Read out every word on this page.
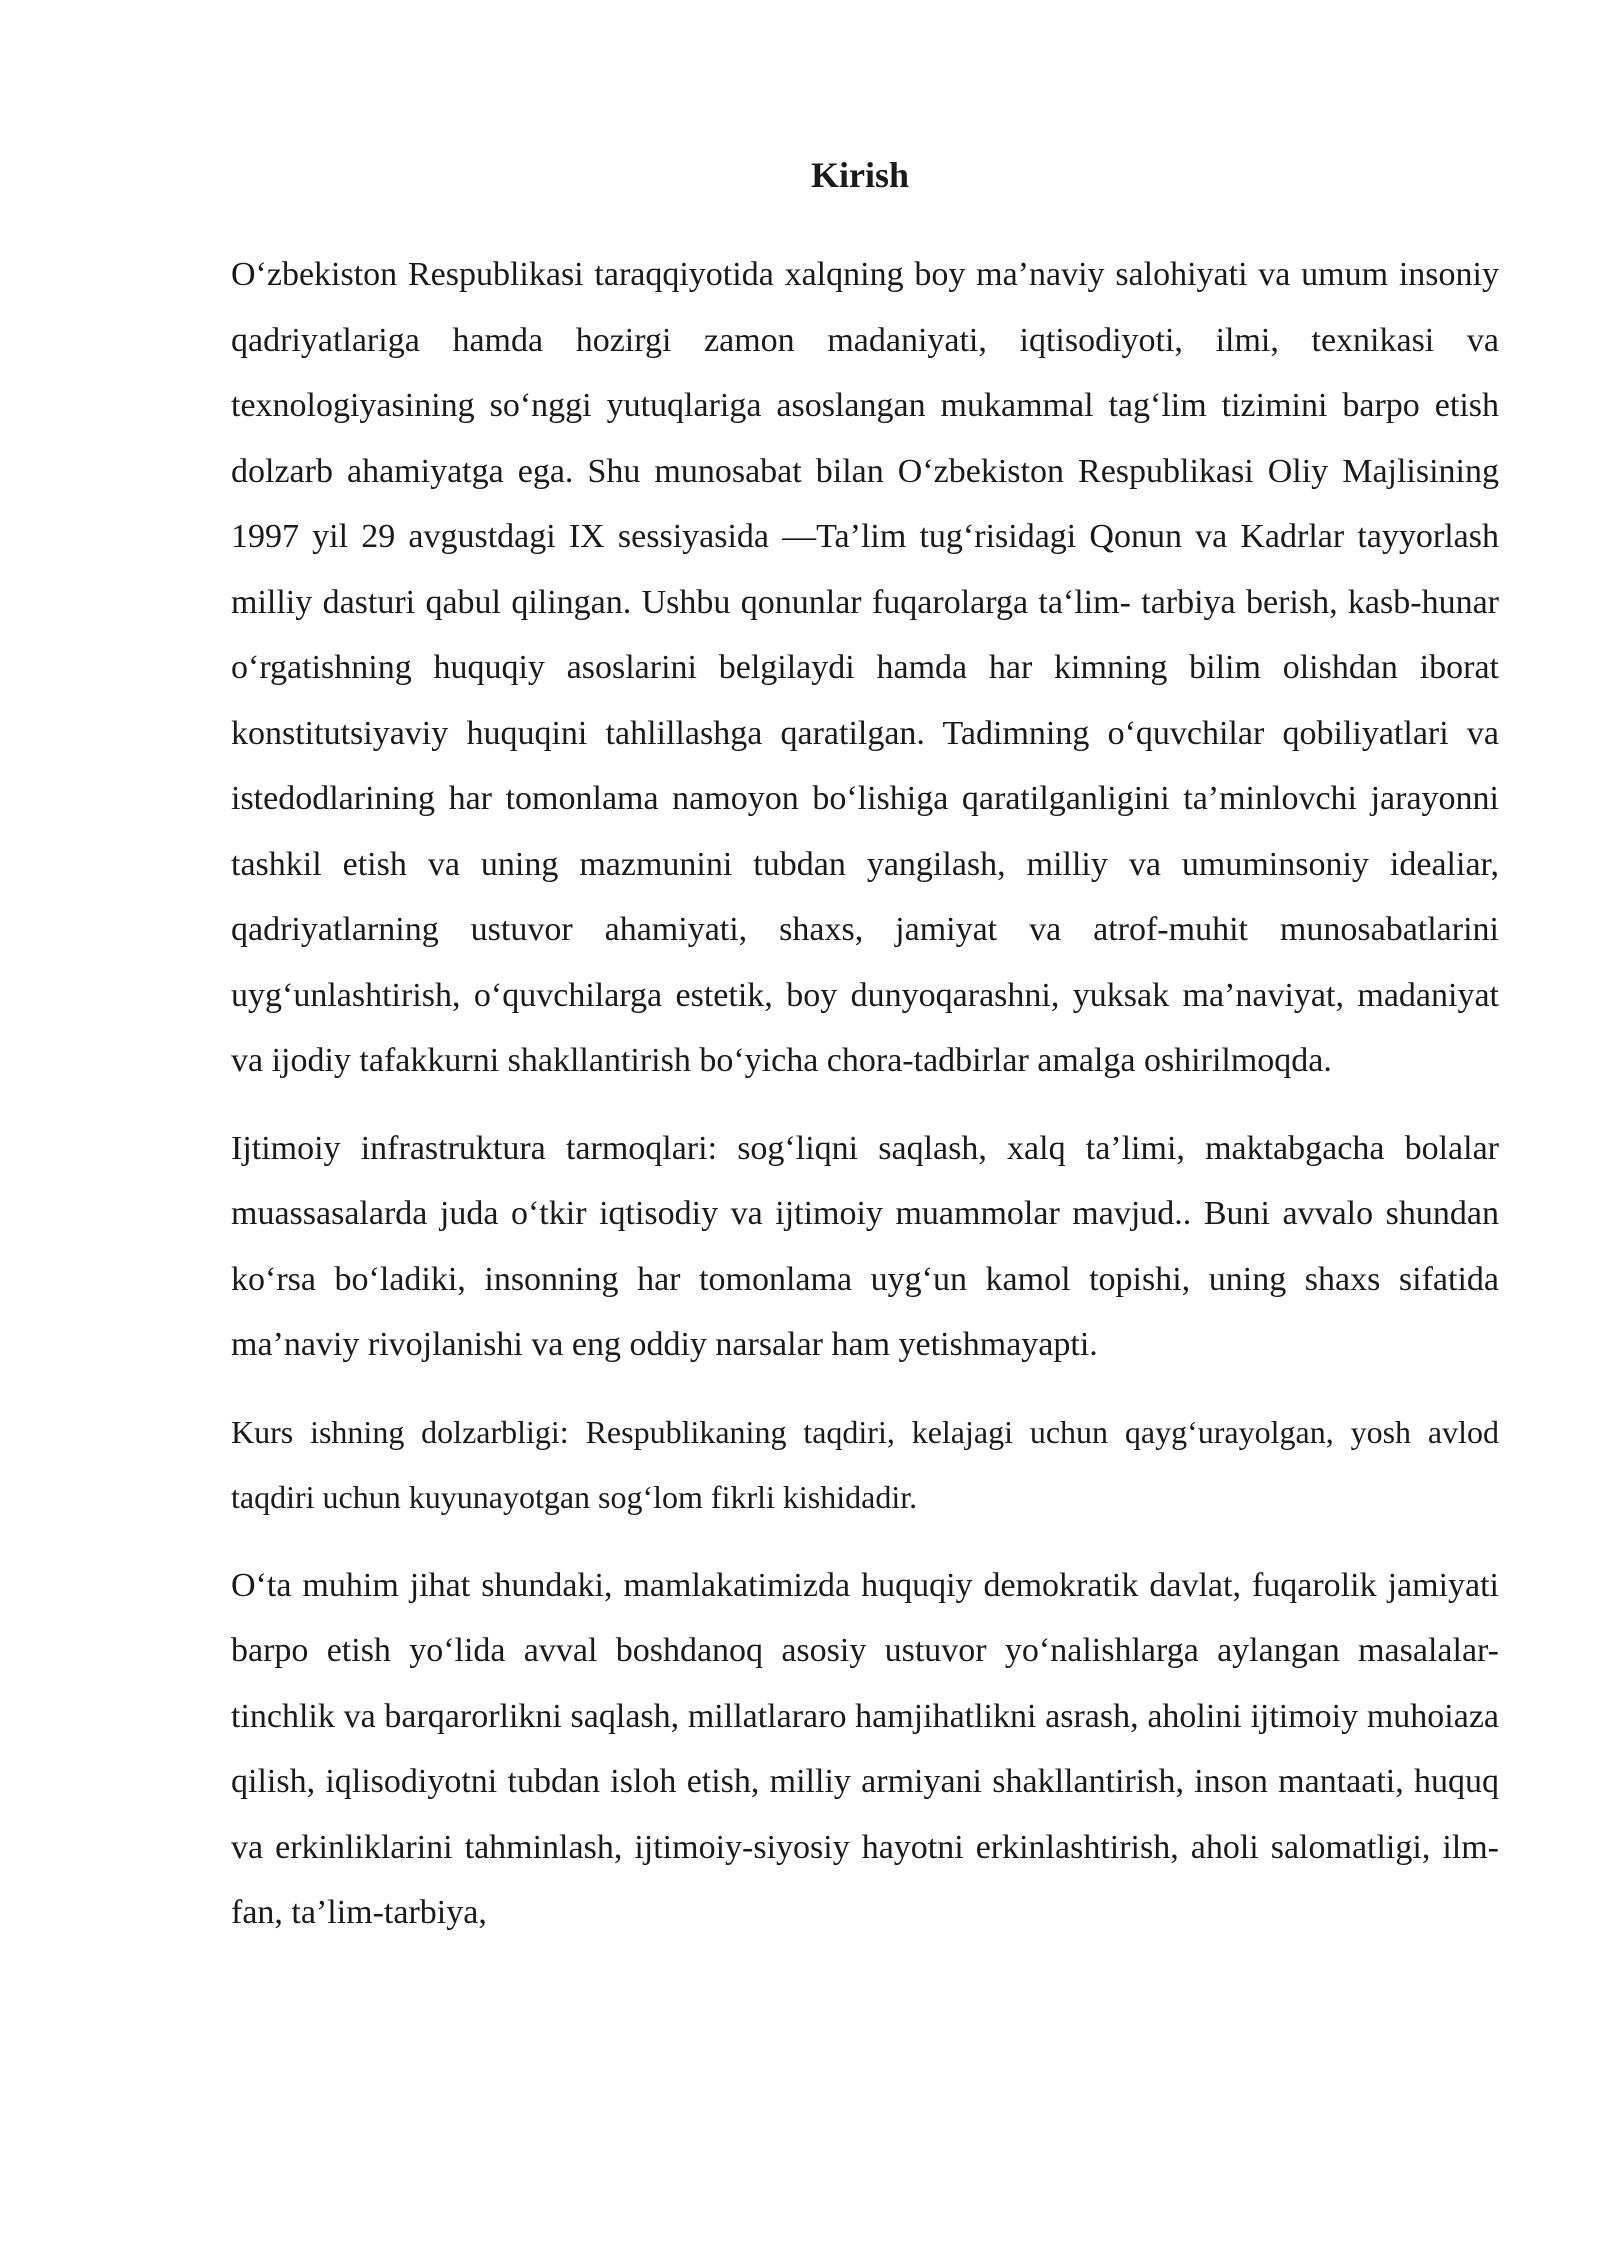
Kirish

O‘zbekiston Respublikasi taraqqiyotida xalqning boy ma’naviy salohiyati va umum insoniy qadriyatlariga hamda hozirgi zamon madaniyati, iqtisodiyoti, ilmi, texnikasi va texnologiyasining so‘nggi yutuqlariga asoslangan mukammal tag‘lim tizimini barpo etish dolzarb ahamiyatga ega. Shu munosabat bilan O‘zbekiston Respublikasi Oliy Majlisining 1997 yil 29 avgustdagi IX sessiyasida ―Ta’lim tug‘risidagi Qonun va Kadrlar tayyorlash milliy dasturi qabul qilingan. Ushbu qonunlar fuqarolarga ta‘lim- tarbiya berish, kasb-hunar o‘rgatishning huquqiy asoslarini belgilaydi hamda har kimning bilim olishdan iborat konstitutsiyaviy huquqini tahlillashga qaratilgan. Tadimning o‘quvchilar qobiliyatlari va istedodlarining har tomonlama namoyon bo‘lishiga qaratilganligini ta’minlovchi jarayonni tashkil etish va uning mazmunini tubdan yangilash, milliy va umuminsoniy idealiar, qadriyatlarning ustuvor ahamiyati, shaxs, jamiyat va atrof-muhit munosabatlarini uyg‘unlashtirish, o‘quvchilarga estetik, boy dunyoqarashni, yuksak ma’naviyat, madaniyat va ijodiy tafakkurni shakllantirish bo‘yicha chora-tadbirlar amalga oshirilmoqda.

Ijtimoiy infrastruktura tarmoqlari: sog‘liqni saqlash, xalq ta’limi, maktabgacha bolalar muassasalarda juda o‘tkir iqtisodiy va ijtimoiy muammolar mavjud.. Buni avvalo shundan ko‘rsa bo‘ladiki, insonning har tomonlama uyg‘un kamol topishi, uning shaxs sifatida ma’naviy rivojlanishi va eng oddiy narsalar ham yetishmayapti.

Kurs ishning dolzarbligi: Respublikaning taqdiri, kelajagi uchun qayg‘urayolgan, yosh avlod taqdiri uchun kuyunayotgan sog‘lom fikrli kishidadir.

O‘ta muhim jihat shundaki, mamlakatimizda huquqiy demokratik davlat, fuqarolik jamiyati barpo etish yo‘lida avval boshdanoq asosiy ustuvor yo‘nalishlarga aylangan masalalar- tinchlik va barqarorlikni saqlash, millatlararo hamjihatlikni asrash, aholini ijtimoiy muhoiaza qilish, iqlisodiyotni tubdan isloh etish, milliy armiyani shakllantirish, inson mantaati, huquq va erkinliklarini tahminlash, ijtimoiy-siyosiy hayotni erkinlashtirish, aholi salomatligi, ilm-fan, ta’lim-tarbiya,
